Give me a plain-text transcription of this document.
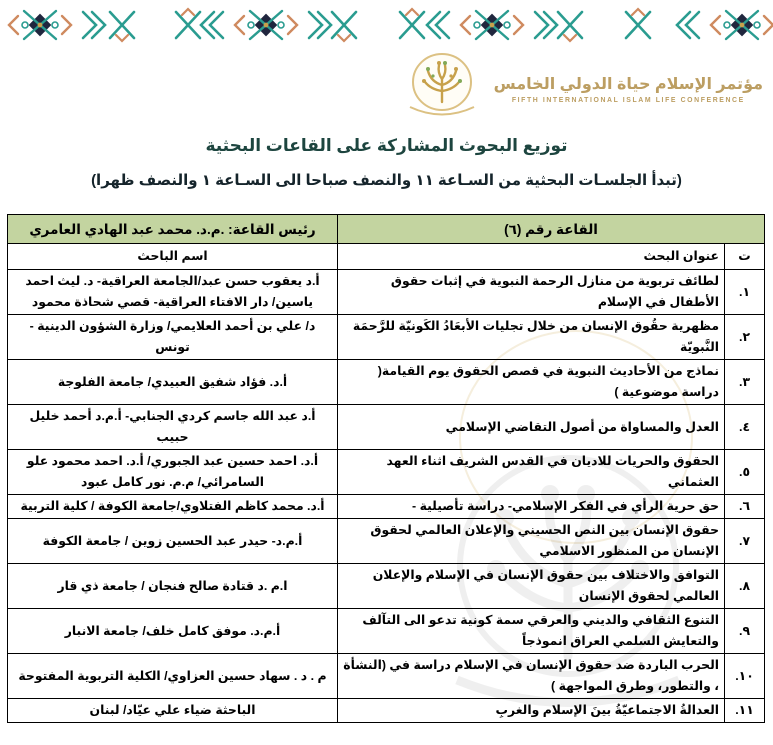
مؤتمر الإسلام حياة الدولي الخامس
FIFTH INTERNATIONAL ISLAM LIFE CONFERENCE
توزيع البحوث المشاركة على القاعات البحثية
(تبدأ الجلسـات البحثية من السـاعة ١١ والنصف صباحا الى السـاعة ١ والنصف ظهرا)
القاعة رقم (٦)		رئيس القاعة: .م.د. محمد عبد الهادي العامري
ت	عنوان البحث	اسم الباحث
١.	لطائف تربوية من منازل الرحمة النبوية في إثبات حقوق الأطفال في الإسلام	أ.د يعقوب حسن عبد/الجامعة العراقية- د. ليث احمد ياسين/ دار الافتاء العراقية- قصي شحاذة محمود
٢.	مظهرية حقُوق الإنسان من خلال تجليات الأبعَادُ الكَونيّة للرَّحمَة النَّبويّة	د/ علي بن أحمد العلايمي/ وزارة الشؤون الدينية - تونس
٣.	نماذج من الأحاديث النبوية في قصص الحقوق يوم القيامة( دراسة موضوعية )	أ.د. فؤاد شفيق العبيدي/ جامعة الفلوجة
٤.	العدل والمساواة من أصول التقاضي الإسلامي	أ.د عبد الله جاسم كردي الجنابي- أ.م.د أحمد خليل حبيب
٥.	الحقوق والحريات للاديان في القدس الشريف اثناء العهد العثماني	أ.د. احمد حسين عبد الجبوري/ أ.د. احمد محمود علو السامرائي/ م.م. نور كامل عبود
٦.	حق حرية الرأي في الفكر الإسلامي- دراسة تأصيلية -	أ.د. محمد كاظم الفتلاوي/جامعة الكوفة / كلية التربية
٧.	حقوق الإنسان بين النص الحسيني والإعلان العالمي لحقوق الإنسان من المنظور الاسلامي	أ.م.د- حيدر عبد الحسين زوين / جامعة الكوفة
٨.	التوافق والاختلاف بين حقوق الإنسان في الإسلام والإعلان العالمي لحقوق الإنسان	ا.م .د قتادة صالح فنجان / جامعة ذي قار
٩.	التنوع الثقافي والديني والعرقي سمة كونية تدعو الى التآلف والتعايش السلمي العراق انموذجاً	أ.م.د. موفق كامل خلف/ جامعة الانبار
١٠.	الحرب الباردة ضد حقوق الإنسان في الإسلام دراسة في (النشأة ، والتطور، وطرق المواجهة )	م . د . سهاد حسين العزاوي/ الكلية التربوية المفتوحة
١١.	العدالةُ الاجتماعيّةُ بينَ الإسلام والغربِ	الباحثة ضياء علي عيّاد/ لبنان
